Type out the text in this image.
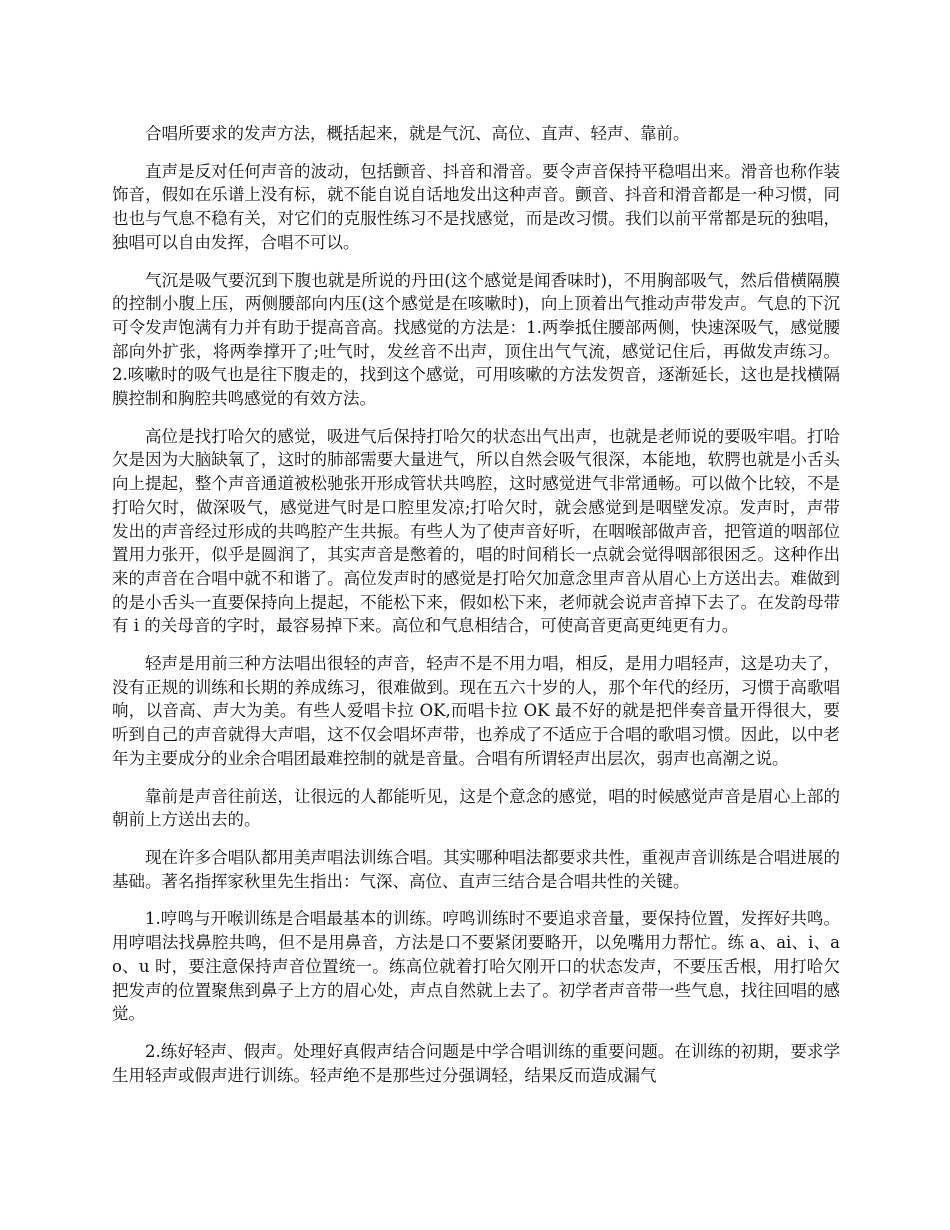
合唱所要求的发声方法，概括起来，就是气沉、高位、直声、轻声、靠前。

直声是反对任何声音的波动，包括颤音、抖音和滑音。要令声音保持平稳唱出来。滑音也称作装饰音，假如在乐谱上没有标，就不能自说自话地发出这种声音。颤音、抖音和滑音都是一种习惯，同也也与气息不稳有关，对它们的克服性练习不是找感觉，而是改习惯。我们以前平常都是玩的独唱，独唱可以自由发挥，合唱不可以。

气沉是吸气要沉到下腹也就是所说的丹田(这个感觉是闻香味时)，不用胸部吸气，然后借横隔膜的控制小腹上压，两侧腰部向内压(这个感觉是在咳嗽时)，向上顶着出气推动声带发声。气息的下沉可令发声饱满有力并有助于提高音高。找感觉的方法是：1.两拳抵住腰部两侧，快速深吸气，感觉腰部向外扩张，将两拳撑开了;吐气时，发丝音不出声，顶住出气气流，感觉记住后，再做发声练习。2.咳嗽时的吸气也是往下腹走的，找到这个感觉，可用咳嗽的方法发贺音，逐渐延长，这也是找横隔膜控制和胸腔共鸣感觉的有效方法。

高位是找打哈欠的感觉，吸进气后保持打哈欠的状态出气出声，也就是老师说的要吸牢唱。打哈欠是因为大脑缺氧了，这时的肺部需要大量进气，所以自然会吸气很深，本能地，软腭也就是小舌头向上提起，整个声音通道被松驰张开形成管状共鸣腔，这时感觉进气非常通畅。可以做个比较，不是打哈欠时，做深吸气，感觉进气时是口腔里发凉;打哈欠时，就会感觉到是咽壁发凉。发声时，声带发出的声音经过形成的共鸣腔产生共振。有些人为了使声音好听，在咽喉部做声音，把管道的咽部位置用力张开，似乎是圆润了，其实声音是憋着的，唱的时间稍长一点就会觉得咽部很困乏。这种作出来的声音在合唱中就不和谐了。高位发声时的感觉是打哈欠加意念里声音从眉心上方送出去。难做到的是小舌头一直要保持向上提起，不能松下来，假如松下来，老师就会说声音掉下去了。在发韵母带有 i 的关母音的字时，最容易掉下来。高位和气息相结合，可使高音更高更纯更有力。

轻声是用前三种方法唱出很轻的声音，轻声不是不用力唱，相反，是用力唱轻声，这是功夫了，没有正规的训练和长期的养成练习，很难做到。现在五六十岁的人，那个年代的经历，习惯于高歌唱响，以音高、声大为美。有些人爱唱卡拉 OK,而唱卡拉 OK 最不好的就是把伴奏音量开得很大，要听到自己的声音就得大声唱，这不仅会唱坏声带，也养成了不适应于合唱的歌唱习惯。因此，以中老年为主要成分的业余合唱团最难控制的就是音量。合唱有所谓轻声出层次，弱声也高潮之说。

靠前是声音往前送，让很远的人都能听见，这是个意念的感觉，唱的时候感觉声音是眉心上部的朝前上方送出去的。

现在许多合唱队都用美声唱法训练合唱。其实哪种唱法都要求共性，重视声音训练是合唱进展的基础。著名指挥家秋里先生指出：气深、高位、直声三结合是合唱共性的关键。

1.哼鸣与开喉训练是合唱最基本的训练。哼鸣训练时不要追求音量，要保持位置，发挥好共鸣。用哼唱法找鼻腔共鸣，但不是用鼻音，方法是口不要紧闭要略开，以免嘴用力帮忙。练 a、ai、i、ao、u 时，要注意保持声音位置统一。练高位就着打哈欠刚开口的状态发声，不要压舌根，用打哈欠把发声的位置聚焦到鼻子上方的眉心处，声点自然就上去了。初学者声音带一些气息，找往回唱的感觉。

2.练好轻声、假声。处理好真假声结合问题是中学合唱训练的重要问题。在训练的初期，要求学生用轻声或假声进行训练。轻声绝不是那些过分强调轻，结果反而造成漏气
